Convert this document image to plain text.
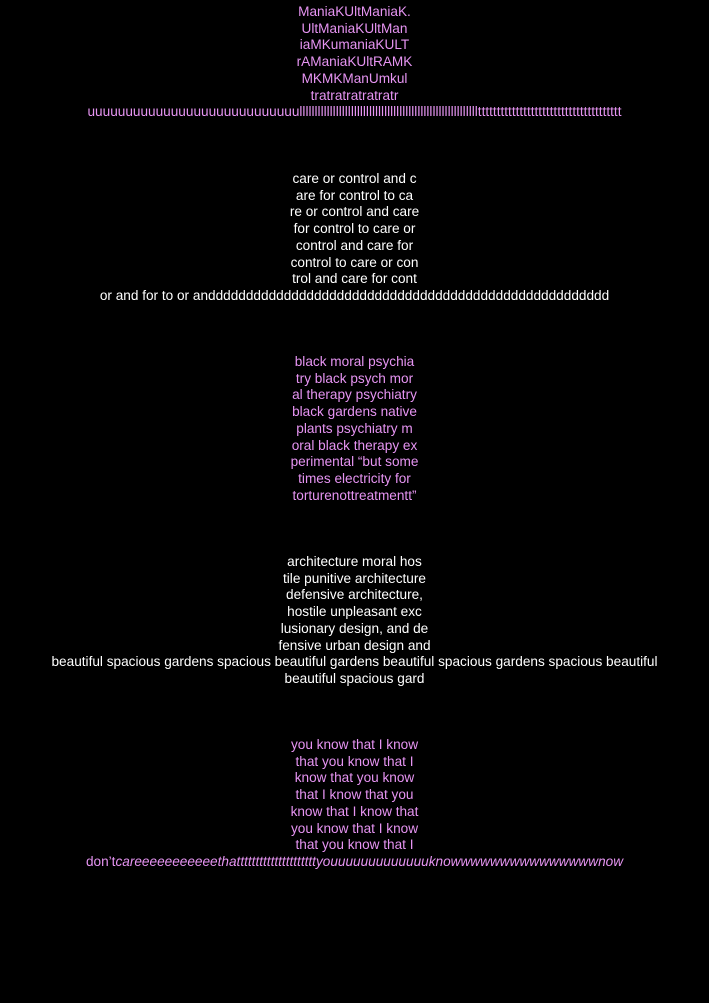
ManiaKUltManiaK.
UltManiaKUltMan
iaMKumaniaKULT
rAManiaKUltRAMK
MKMKManUmkul
tratratratratratr
uuuuuuuuuuuuuuuuuuuuuuuuuuuullllllllllllllllllllllllllllllllllllllllllllllllllllllllllltttttttttttttttttttttttttttttttttttttt
care or control and c
are for control to ca
re or control and care
for control to care or
control and care for
control to care or con
trol and care for cont
or and for to or anddddddddddddddddddddddddddddddddddddddddddddddddddddd
black moral psychia
try black psych mor
al therapy psychiatry
black gardens native
plants psychiatry m
oral black therapy ex
perimental “but some
times electricity for
torturenottreatmentt”
architecture moral hos
tile punitive architecture
defensive architecture,
hostile unpleasant exc
lusionary design, and de
fensive urban design and
beautiful spacious gardens spacious beautiful gardens beautiful spacious gardens spacious beautiful
beautiful spacious gard
you know that I know
that you know that I
know that you know
that I know that you
know that I know that
you know that I know
that you know that I
don’tcareeeeeeeeeeethatttttttttttttttttttttyouuuuuuuuuuuuuknowwwwwwwwwwwwwwwnow
